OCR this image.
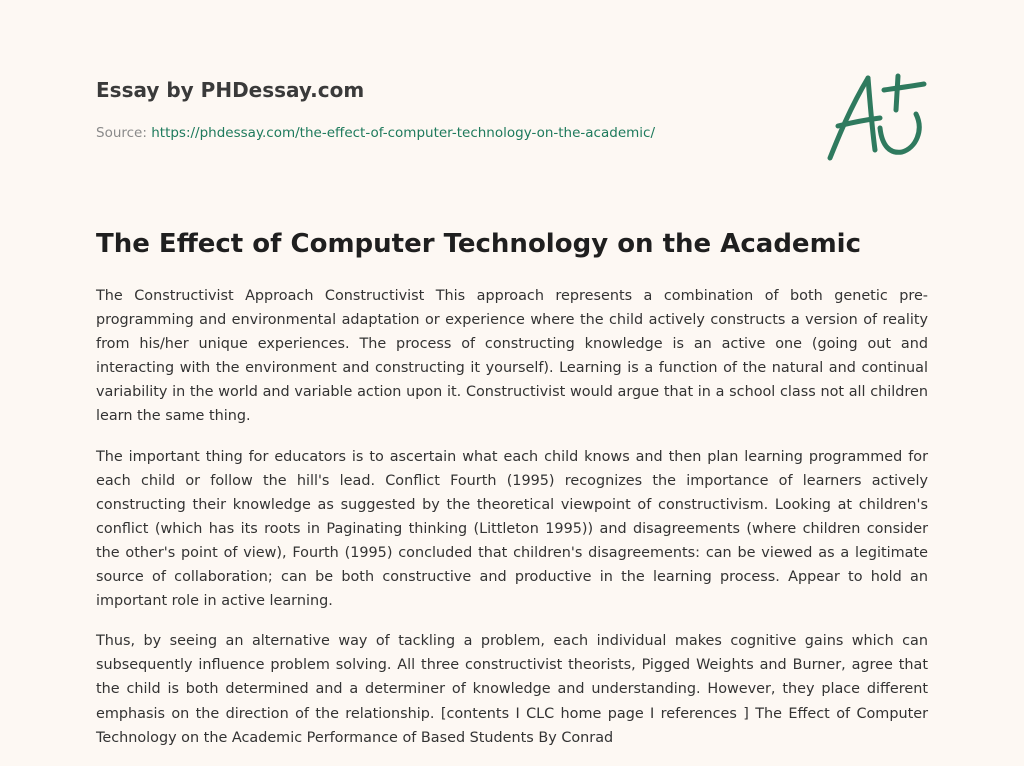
Essay by PHDessay.com
Source: https://phdessay.com/the-effect-of-computer-technology-on-the-academic/
The Effect of Computer Technology on the Academic

The Constructivist Approach Constructivist This approach represents a combination of both genetic pre-programming and environmental adaptation or experience where the child actively constructs a version of reality from his/her unique experiences. The process of constructing knowledge is an active one (going out and interacting with the environment and constructing it yourself). Learning is a function of the natural and continual variability in the world and variable action upon it. Constructivist would argue that in a school class not all children learn the same thing.

The important thing for educators is to ascertain what each child knows and then plan learning programmed for each child or follow the hill's lead. Conflict Fourth (1995) recognizes the importance of learners actively constructing their knowledge as suggested by the theoretical viewpoint of constructivism. Looking at children's conflict (which has its roots in Paginating thinking (Littleton 1995)) and disagreements (where children consider the other's point of view), Fourth (1995) concluded that children's disagreements: can be viewed as a legitimate source of collaboration; can be both constructive and productive in the learning process. Appear to hold an important role in active learning.

Thus, by seeing an alternative way of tackling a problem, each individual makes cognitive gains which can subsequently influence problem solving. All three constructivist theorists, Pigged Weights and Burner, agree that the child is both determined and a determiner of knowledge and understanding. However, they place different emphasis on the direction of the relationship. [contents I CLC home page I references ] The Effect of Computer Technology on the Academic Performance of Based Students By Conrad
